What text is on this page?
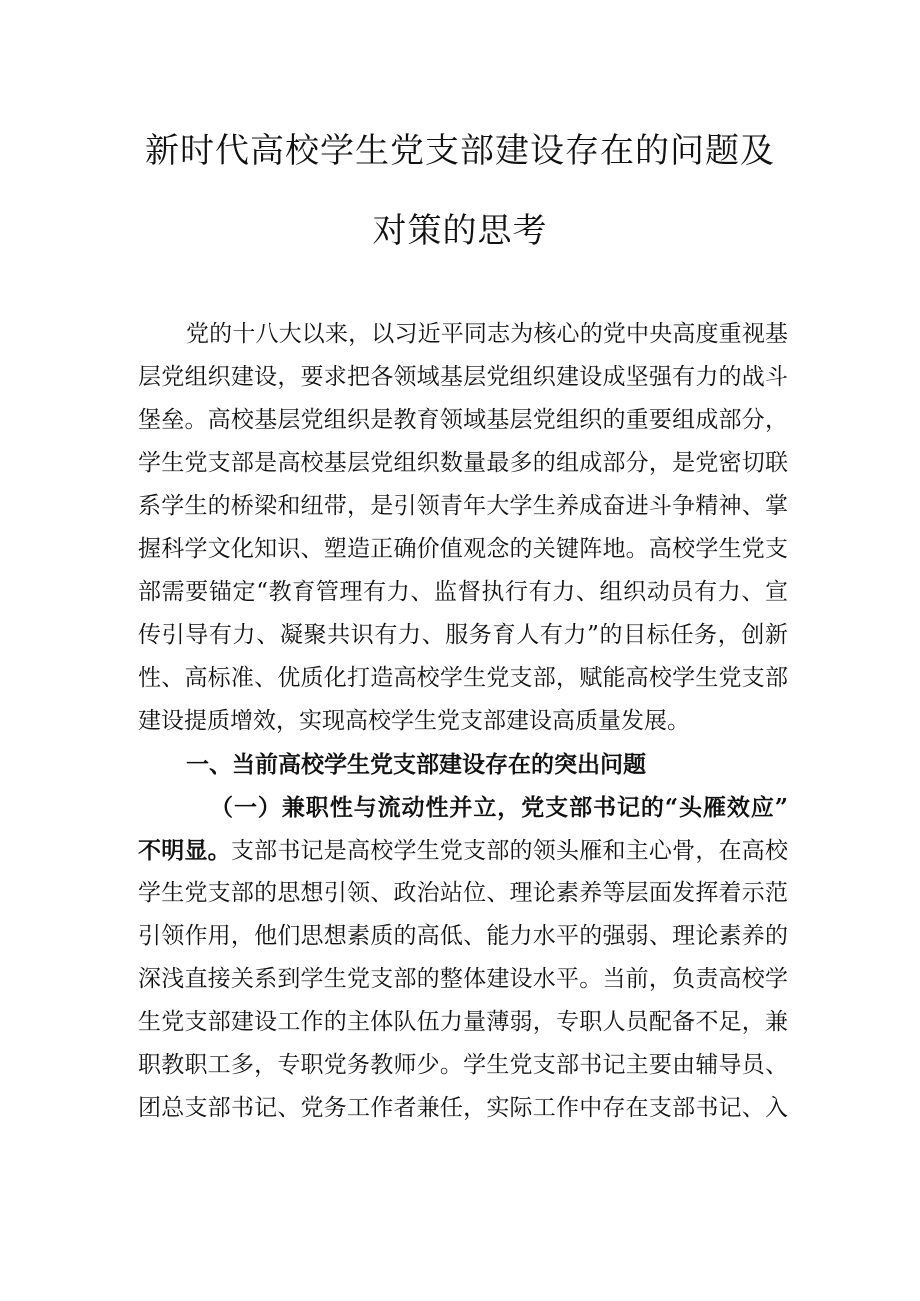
新时代高校学生党支部建设存在的问题及
对策的思考
党的十八大以来，以习近平同志为核心的党中央高度重视基
层党组织建设，要求把各领域基层党组织建设成坚强有力的战斗
堡垒。高校基层党组织是教育领域基层党组织的重要组成部分，
学生党支部是高校基层党组织数量最多的组成部分，是党密切联
系学生的桥梁和纽带，是引领青年大学生养成奋进斗争精神、掌
握科学文化知识、塑造正确价值观念的关键阵地。高校学生党支
部需要锚定“教育管理有力、监督执行有力、组织动员有力、宣
传引导有力、凝聚共识有力、服务育人有力”的目标任务，创新
性、高标准、优质化打造高校学生党支部，赋能高校学生党支部
建设提质增效，实现高校学生党支部建设高质量发展。
一、当前高校学生党支部建设存在的突出问题
（一）兼职性与流动性并立，党支部书记的“头雁效应”
不明显。支部书记是高校学生党支部的领头雁和主心骨，在高校
学生党支部的思想引领、政治站位、理论素养等层面发挥着示范
引领作用，他们思想素质的高低、能力水平的强弱、理论素养的
深浅直接关系到学生党支部的整体建设水平。当前，负责高校学
生党支部建设工作的主体队伍力量薄弱，专职人员配备不足，兼
职教职工多，专职党务教师少。学生党支部书记主要由辅导员、
团总支部书记、党务工作者兼任，实际工作中存在支部书记、入
